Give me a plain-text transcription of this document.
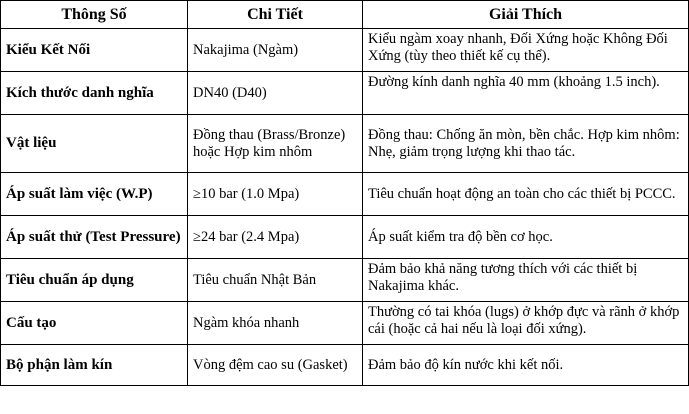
Thông Số	Chi Tiết	Giải Thích
Kiểu Kết Nối	Nakajima (Ngàm)	Kiểu ngàm xoay nhanh, Đối Xứng hoặc Không Đối Xứng (tùy theo thiết kế cụ thể).
Kích thước danh nghĩa	DN40 (D40)	Đường kính danh nghĩa 40 mm (khoảng 1.5 inch).
Vật liệu	Đồng thau (Brass/Bronze) hoặc Hợp kim nhôm	Đồng thau: Chống ăn mòn, bền chắc. Hợp kim nhôm: Nhẹ, giảm trọng lượng khi thao tác.
Áp suất làm việc (W.P)	≥10 bar (1.0 Mpa)	Tiêu chuẩn hoạt động an toàn cho các thiết bị PCCC.
Áp suất thử (Test Pressure)	≥24 bar (2.4 Mpa)	Áp suất kiểm tra độ bền cơ học.
Tiêu chuẩn áp dụng	Tiêu chuẩn Nhật Bản	Đảm bảo khả năng tương thích với các thiết bị Nakajima khác.
Cấu tạo	Ngàm khóa nhanh	Thường có tai khóa (lugs) ở khớp đực và rãnh ở khớp cái (hoặc cả hai nếu là loại đối xứng).
Bộ phận làm kín	Vòng đệm cao su (Gasket)	Đảm bảo độ kín nước khi kết nối.
